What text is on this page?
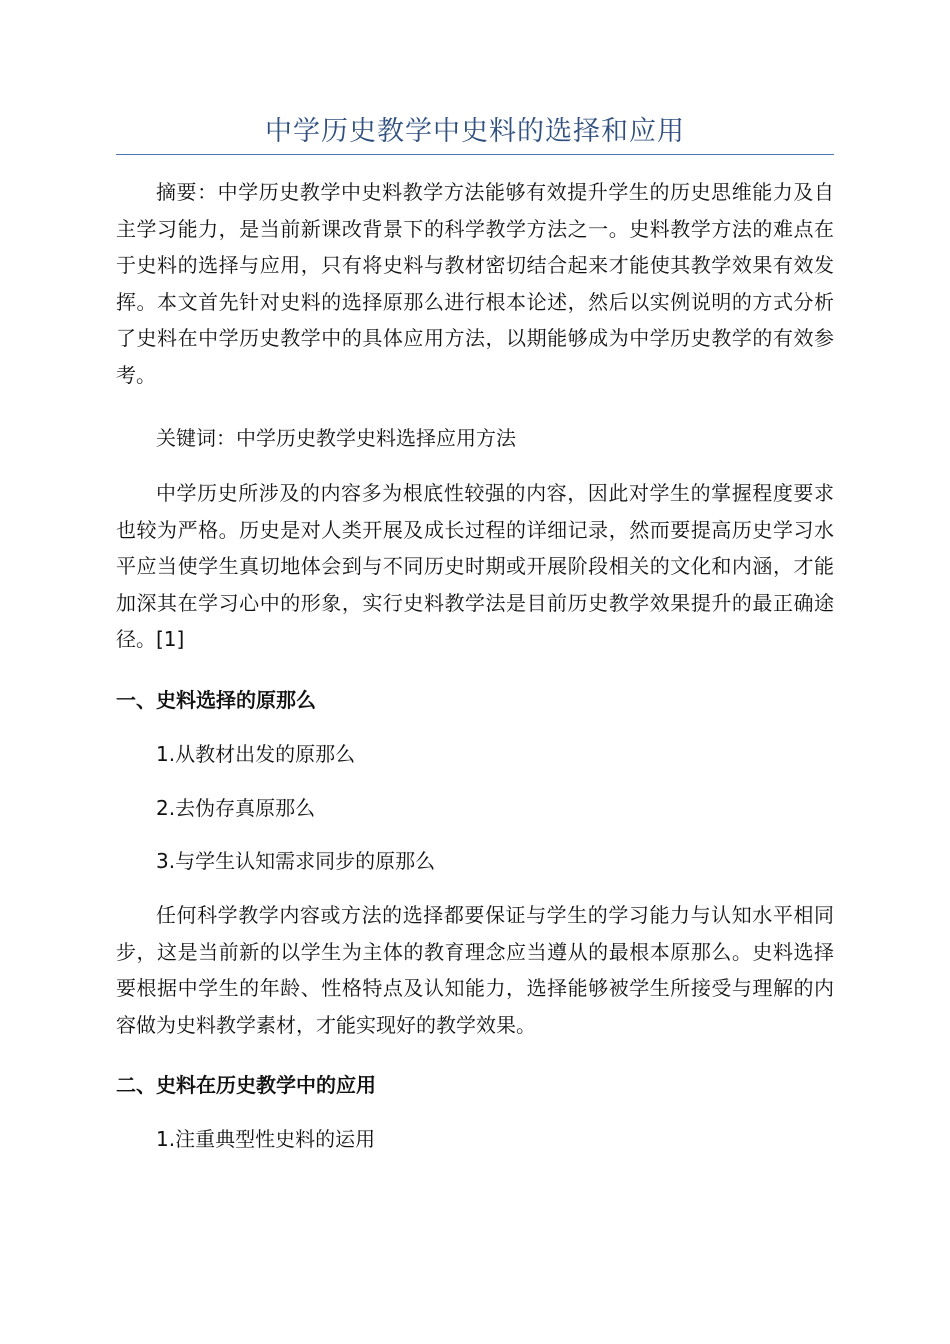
中学历史教学中史料的选择和应用
摘要：中学历史教学中史料教学方法能够有效提升学生的历史思维能力及自主学习能力，是当前新课改背景下的科学教学方法之一。史料教学方法的难点在于史料的选择与应用，只有将史料与教材密切结合起来才能使其教学效果有效发挥。本文首先针对史料的选择原那么进行根本论述，然后以实例说明的方式分析了史料在中学历史教学中的具体应用方法，以期能够成为中学历史教学的有效参考。
关键词：中学历史教学史料选择应用方法
中学历史所涉及的内容多为根底性较强的内容，因此对学生的掌握程度要求也较为严格。历史是对人类开展及成长过程的详细记录，然而要提高历史学习水平应当使学生真切地体会到与不同历史时期或开展阶段相关的文化和内涵，才能加深其在学习心中的形象，实行史料教学法是目前历史教学效果提升的最正确途径。[1]
一、史料选择的原那么
1.从教材出发的原那么
2.去伪存真原那么
3.与学生认知需求同步的原那么
任何科学教学内容或方法的选择都要保证与学生的学习能力与认知水平相同步，这是当前新的以学生为主体的教育理念应当遵从的最根本原那么。史料选择要根据中学生的年龄、性格特点及认知能力，选择能够被学生所接受与理解的内容做为史料教学素材，才能实现好的教学效果。
二、史料在历史教学中的应用
1.注重典型性史料的运用
